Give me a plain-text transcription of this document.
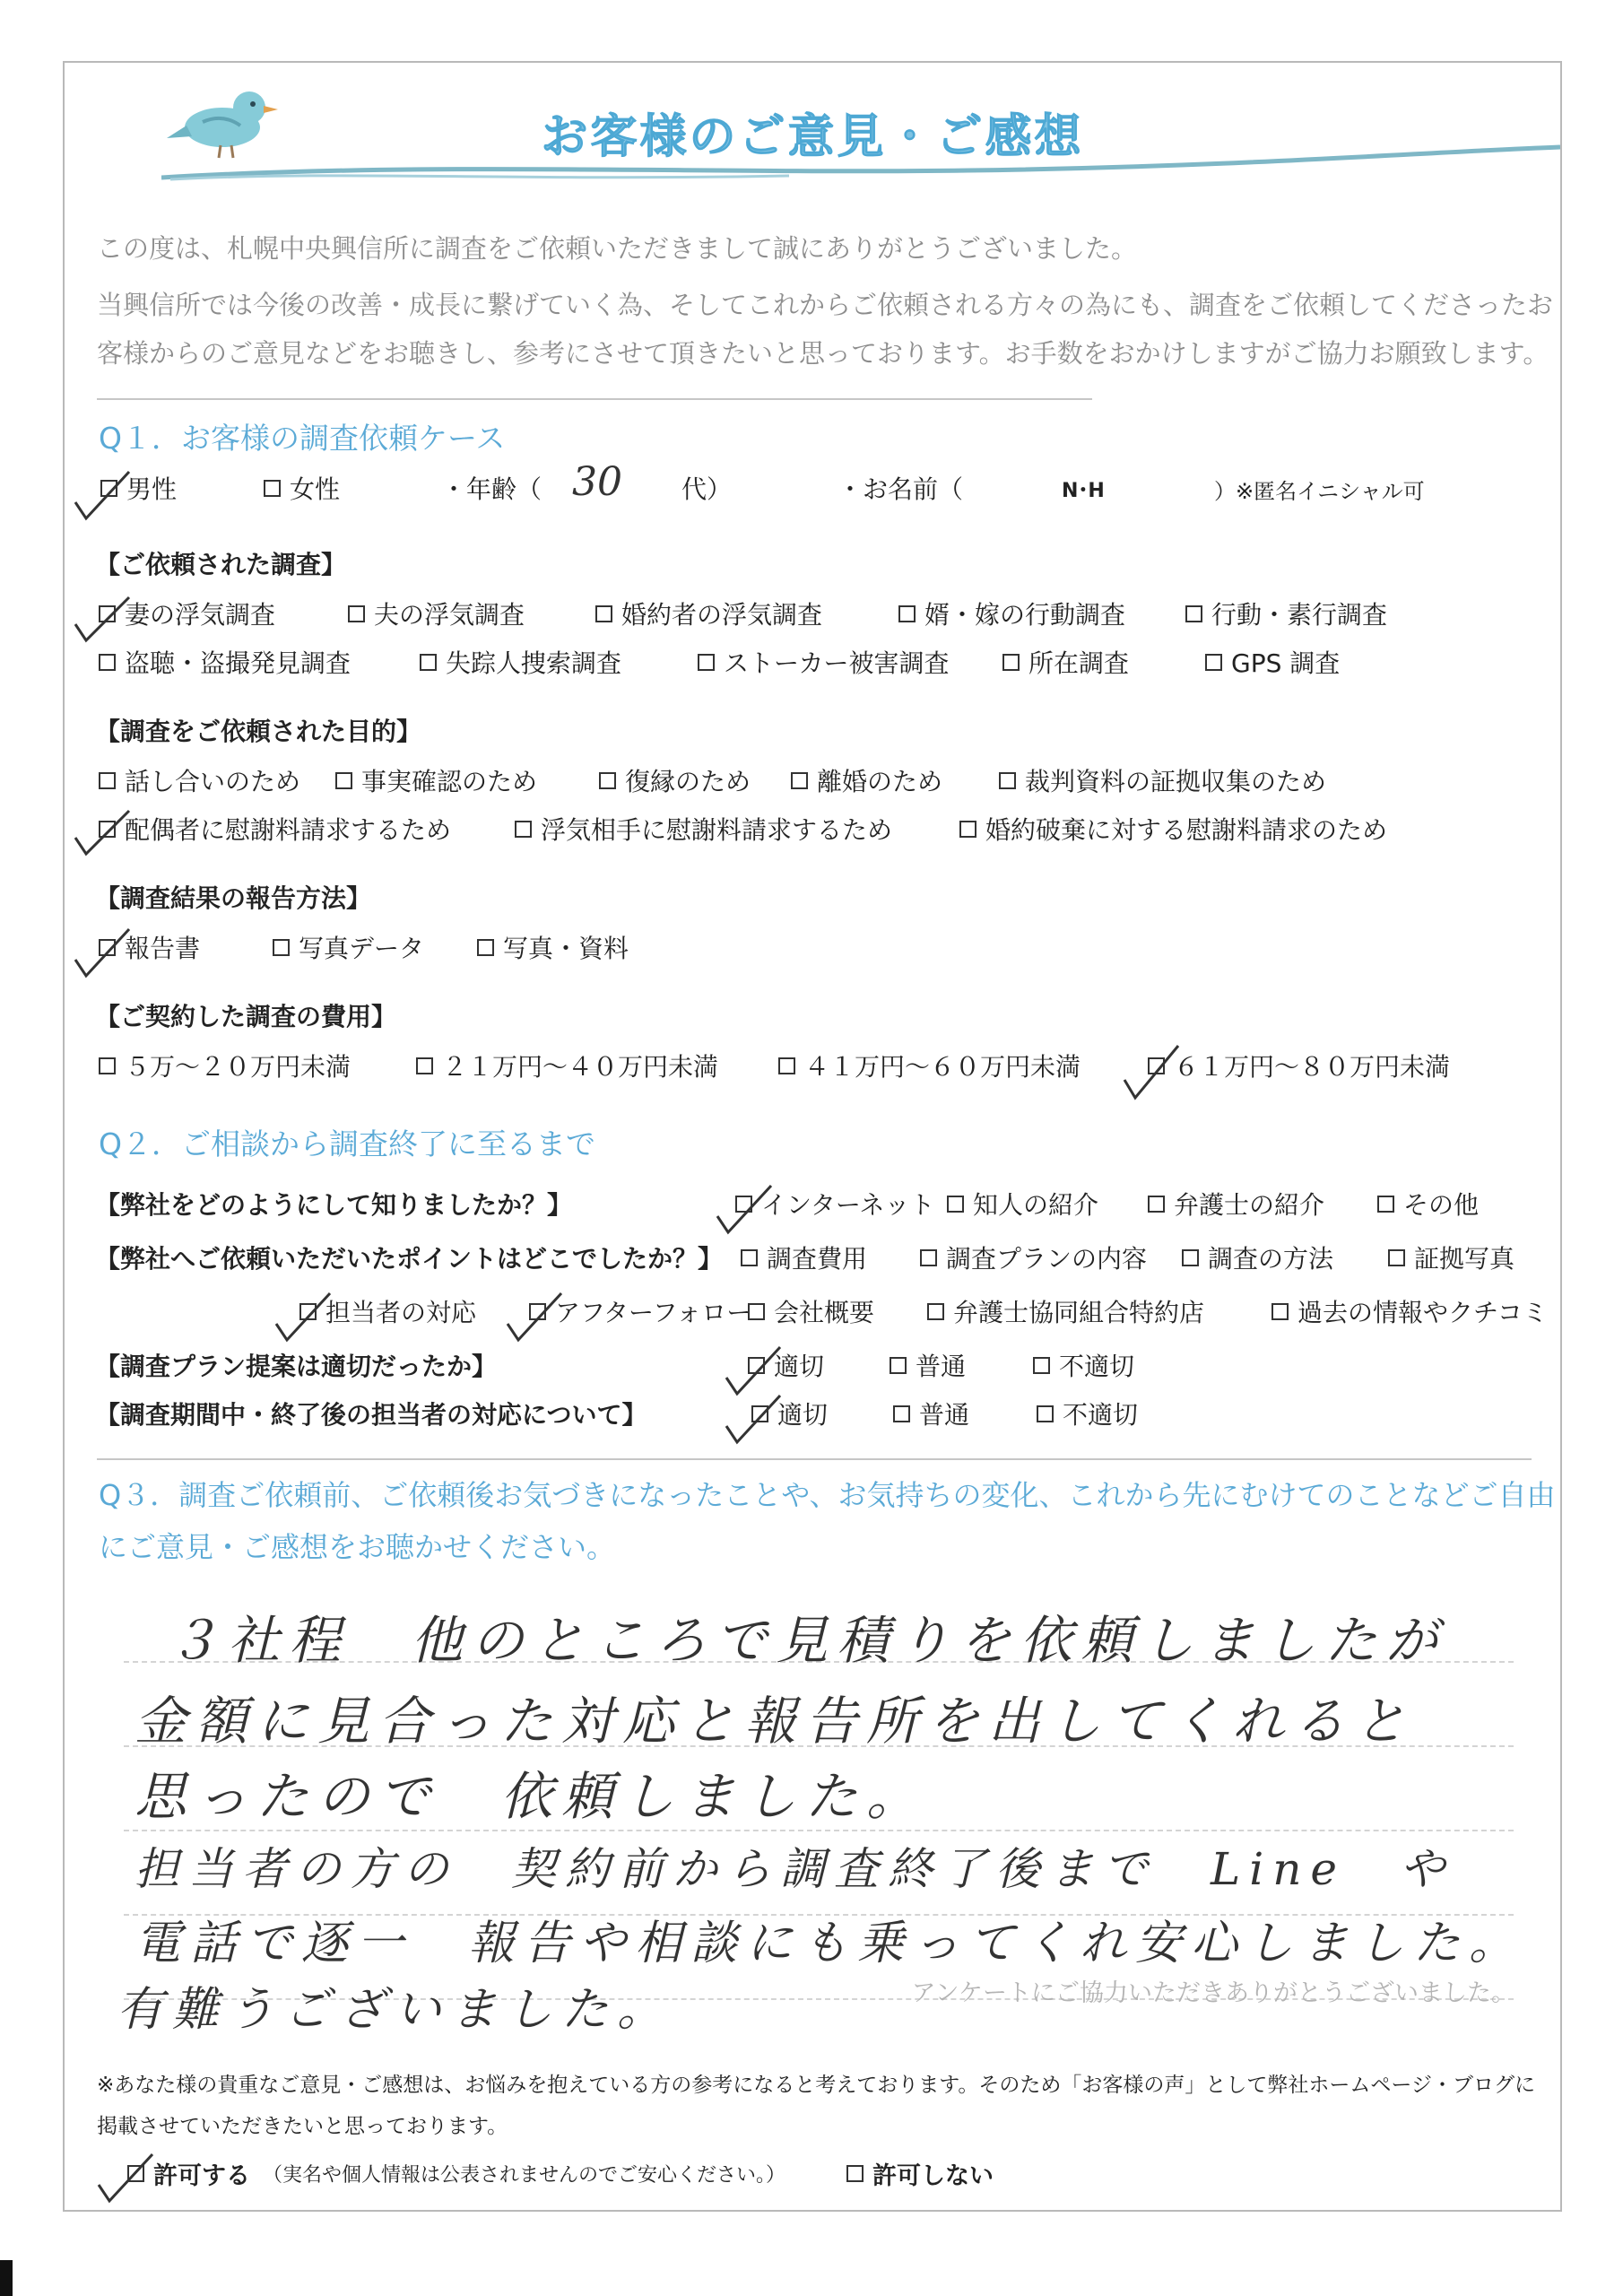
お客様のご意見・ご感想
この度は、札幌中央興信所に調査をご依頼いただきまして誠にありがとうございました。
当興信所では今後の改善・成長に繋げていく為、そしてこれからご依頼される方々の為にも、調査をご依頼してくださったお
客様からのご意見などをお聴きし、参考にさせて頂きたいと思っております。お手数をおかけしますがご協力お願致します。
Q１．お客様の調査依頼ケース
男性	女性	・年齢（ 30 代）	・お名前（	N･H	）※匿名イニシャル可
【ご依頼された調査】
妻の浮気調査	夫の浮気調査	婚約者の浮気調査	婿・嫁の行動調査	行動・素行調査
盗聴・盗撮発見調査	失踪人捜索調査	ストーカー被害調査	所在調査	GPS 調査
【調査をご依頼された目的】
話し合いのため 事実確認のため	復縁のため	離婚のため	裁判資料の証拠収集のため
配偶者に慰謝料請求するため	浮気相手に慰謝料請求するため	婚約破棄に対する慰謝料請求のため
【調査結果の報告方法】
報告書	写真データ	写真・資料
【ご契約した調査の費用】
５万～２０万円未満	２１万円～４０万円未満	４１万円～６０万円未満	６１万円～８０万円未満
Q２．ご相談から調査終了に至るまで
【弊社をどのようにして知りましたか？】	インターネット 知人の紹介	弁護士の紹介	その他
【弊社へご依頼いただいたポイントはどこでしたか？】 調査費用	調査プランの内容 調査の方法	証拠写真
担当者の対応	アフターフォロー 会社概要	弁護士協同組合特約店	過去の情報やクチコミ
【調査プラン提案は適切だったか】	適切	普通	不適切
【調査期間中・終了後の担当者の対応について】	適切	普通	不適切
Q３．調査ご依頼前、ご依頼後お気づきになったことや、お気持ちの変化、これから先にむけてのことなどご自由
にご意見・ご感想をお聴かせください。
３社程　他のところで見積りを依頼しましたが
金額に見合った対応と報告所を出してくれると
思ったので　依頼しました。
担当者の方の　契約前から調査終了後まで　Line　や
電話で逐一　報告や相談にも乗ってくれ安心しました。
有難うございました。	アンケートにご協力いただきありがとうございました。
※あなた様の貴重なご意見・ご感想は、お悩みを抱えている方の参考になると考えております。そのため「お客様の声」として弊社ホームページ・ブログに
掲載させていただきたいと思っております。
許可する （実名や個人情報は公表されませんのでご安心ください。）	許可しない
